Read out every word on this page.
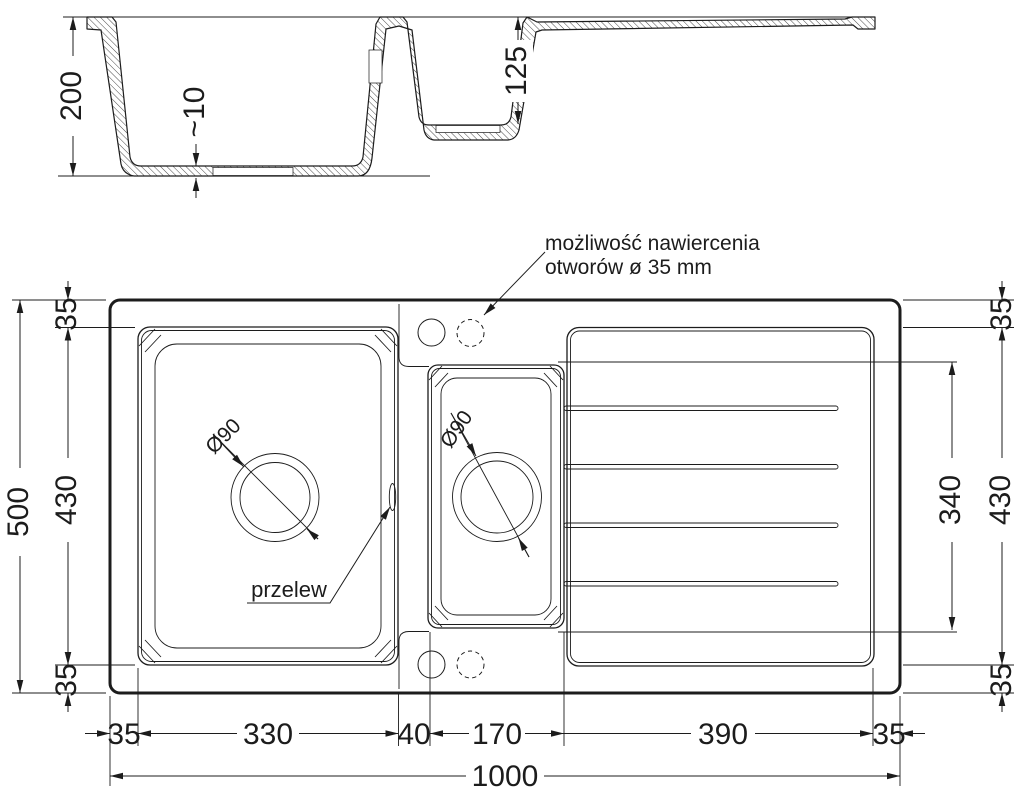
200	~10
125
możliwość nawiercenia
otworów ø 35 mm
Ø90
przelew
Ø90
500 430
35
35
430
340
35
35
35	330	40 170	390	35
1000
